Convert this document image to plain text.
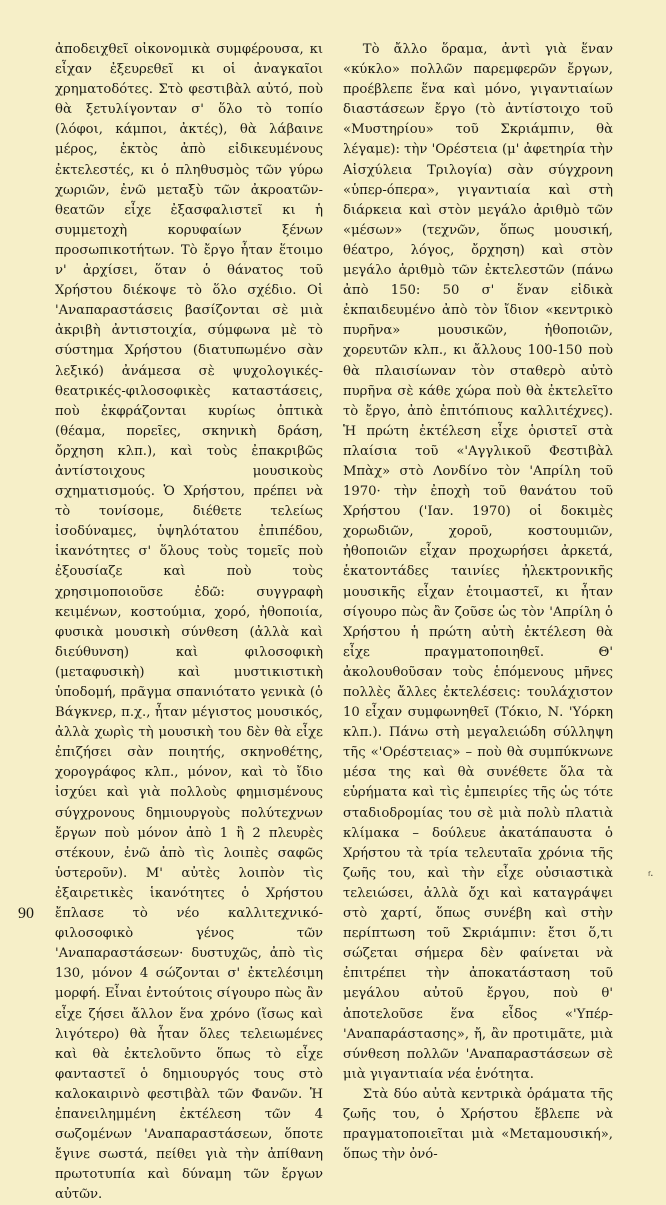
ἀποδειχθεῖ οἰκονομικὰ συμφέρουσα, κι εἶχαν ἐξευρεθεῖ κι οἱ ἀναγκαῖοι χρηματοδότες. Στὸ φεστιβὰλ αὐτό, ποὺ θὰ ξετυλίγονταν σ' ὅλο τὸ τοπίο (λόφοι, κάμποι, ἀκτές), θὰ λάβαινε μέρος, ἐκτὸς ἀπὸ εἰδικευμένους ἐκτελεστές, κι ὁ πληθυσμὸς τῶν γύρω χωριῶν, ἐνῶ μεταξὺ τῶν ἀκροατῶν-θεατῶν εἶχε ἐξασφαλιστεῖ κι ἡ συμμετοχὴ κορυφαίων ξένων προσωπικοτήτων. Τὸ ἔργο ἦταν ἕτοιμο ν' ἀρχίσει, ὅταν ὁ θάνατος τοῦ Χρήστου διέκοψε τὸ ὅλο σχέδιο. Οἱ 'Αναπαραστάσεις βασίζονται σὲ μιὰ ἀκριβὴ ἀντιστοιχία, σύμφωνα μὲ τὸ σύστημα Χρήστου (διατυπωμένο σὰν λεξικό) ἀνάμεσα σὲ ψυχολογικές-θεατρικές-φιλοσοφικὲς καταστάσεις, ποὺ ἐκφράζονται κυρίως ὀπτικὰ (θέαμα, πορεῖες, σκηνικὴ δράση, ὄρχηση κλπ.), καὶ τοὺς ἐπακριβῶς ἀντίστοιχους μουσικοὺς σχηματισμούς. Ὁ Χρήστου, πρέπει νὰ τὸ τονίσομε, διέθετε τελείως ἰσοδύναμες, ὑψηλότατου ἐπιπέδου, ἱκανότητες σ' ὅλους τοὺς τομεῖς ποὺ ἐξουσίαζε καὶ ποὺ τοὺς χρησιμοποιοῦσε ἐδῶ: συγγραφὴ κειμένων, κοστούμια, χορό, ἠθοποιία, φυσικὰ μουσικὴ σύνθεση (ἀλλὰ καὶ διεύθυνση) καὶ φιλοσοφικὴ (μεταφυσικὴ) καὶ μυστικιστικὴ ὑποδομή, πρᾶγμα σπανιότατο γενικὰ (ὁ Βάγκνερ, π.χ., ἦταν μέγιστος μουσικός, ἀλλὰ χωρὶς τὴ μουσικὴ του δὲν θὰ εἶχε ἐπιζήσει σὰν ποιητής, σκηνοθέτης, χορογράφος κλπ., μόνον, καὶ τὸ ἴδιο ἰσχύει καὶ γιὰ πολλοὺς φημισμένους σύγχρονους δημιουργοὺς πολύτεχνων ἔργων ποὺ μόνον ἀπὸ 1 ἢ 2 πλευρὲς στέκουν, ἐνῶ ἀπὸ τὶς λοιπὲς σαφῶς ὑστεροῦν). Μ' αὐτὲς λοιπὸν τὶς ἐξαιρετικὲς ἱκανότητες ὁ Χρήστου ἔπλασε τὸ νέο καλλιτεχνικό-φιλοσοφικὸ γένος τῶν 'Αναπαραστάσεων· δυστυχῶς, ἀπὸ τὶς 130, μόνον 4 σώζονται σ' ἐκτελέσιμη μορφή. Εἶναι ἐντούτοις σίγουρο πὼς ἂν εἶχε ζήσει ἄλλον ἕνα χρόνο (ἴσως καὶ λιγότερο) θὰ ἦταν ὅλες τελειωμένες καὶ θὰ ἐκτελοῦντο ὅπως τὸ εἶχε φανταστεῖ ὁ δημιουργός τους στὸ καλοκαιρινὸ φεστιβὰλ τῶν Φανῶν. Ἡ ἐπανειλημμένη ἐκτέλεση τῶν 4 σωζομένων 'Αναπαραστάσεων, ὅποτε ἔγινε σωστά, πείθει γιὰ τὴν ἀπίθανη πρωτοτυπία καὶ δύναμη τῶν ἔργων αὐτῶν.

Τὸ ἄλλο ὅραμα, ἀντὶ γιὰ ἕναν «κύκλο» πολλῶν παρεμφερῶν ἔργων, προέβλεπε ἕνα καὶ μόνο, γιγαντιαίων διαστάσεων ἔργο (τὸ ἀντίστοιχο τοῦ «Μυστηρίου» τοῦ Σκριάμπιν, θὰ λέγαμε): τὴν 'Ορέστεια (μ' ἀφετηρία τὴν Αἰσχύλεια Τριλογία) σὰν σύγχρονη «ὑπερ-όπερα», γιγαντιαία καὶ στὴ διάρκεια καὶ στὸν μεγάλο ἀριθμὸ τῶν «μέσων» (τεχνῶν, ὅπως μουσική, θέατρο, λόγος, ὄρχηση) καὶ στὸν μεγάλο ἀριθμὸ τῶν ἐκτελεστῶν (πάνω ἀπὸ 150: 50 σ' ἕναν εἰδικὰ ἐκπαιδευμένο ἀπὸ τὸν ἴδιον «κεντρικὸ πυρῆνα» μουσικῶν, ἠθοποιῶν, χορευτῶν κλπ., κι ἄλλους 100-150 ποὺ θὰ πλαισίωναν τὸν σταθερὸ αὐτὸ πυρῆνα σὲ κάθε χώρα ποὺ θὰ ἐκτελεῖτο τὸ ἔργο, ἀπὸ ἐπιτόπιους καλλιτέχνες). Ἡ πρώτη ἐκτέλεση εἶχε ὁριστεῖ στὰ πλαίσια τοῦ «'Αγγλικοῦ Φεστιβὰλ Μπὰχ» στὸ Λονδίνο τὸν 'Απρίλη τοῦ 1970· τὴν ἐποχὴ τοῦ θανάτου τοῦ Χρήστου ('Ιαν. 1970) οἱ δοκιμὲς χορωδιῶν, χοροῦ, κοστουμιῶν, ἠθοποιῶν εἶχαν προχωρήσει ἀρκετά, ἑκατοντάδες ταινίες ἠλεκτρονικῆς μουσικῆς εἶχαν ἑτοιμαστεῖ, κι ἦταν σίγουρο πὼς ἂν ζοῦσε ὡς τὸν 'Απρίλη ὁ Χρήστου ἡ πρώτη αὐτὴ ἐκτέλεση θὰ εἶχε πραγματοποιηθεῖ. Θ' ἀκολουθοῦσαν τοὺς ἑπόμενους μῆνες πολλὲς ἄλλες ἐκτελέσεις: τουλάχιστον 10 εἶχαν συμφωνηθεῖ (Τόκιο, Ν. 'Υόρκη κλπ.). Πάνω στὴ μεγαλειώδη σύλληψη τῆς «'Ορέστειας» – ποὺ θὰ συμπύκνωνε μέσα της καὶ θὰ συνέθετε ὅλα τὰ εὑρήματα καὶ τὶς ἐμπειρίες τῆς ὡς τότε σταδιοδρομίας του σὲ μιὰ πολὺ πλατιὰ κλίμακα – δούλευε ἀκατάπαυστα ὁ Χρήστου τὰ τρία τελευταῖα χρόνια τῆς ζωῆς του, καὶ τὴν εἶχε οὐσιαστικὰ τελειώσει, ἀλλὰ ὄχι καὶ καταγράψει στὸ χαρτί, ὅπως συνέβη καὶ στὴν περίπτωση τοῦ Σκριάμπιν: ἔτσι ὅ,τι σώζεται σήμερα δὲν φαίνεται νὰ ἐπιτρέπει τὴν ἀποκατάσταση τοῦ μεγάλου αὐτοῦ ἔργου, ποὺ θ' ἀποτελοῦσε ἕνα εἶδος «'Υπέρ-'Αναπαράστασης», ἤ, ἂν προτιμᾶτε, μιὰ σύνθεση πολλῶν 'Αναπαραστάσεων σὲ μιὰ γιγαντιαία νέα ἑνότητα.

Στὰ δύο αὐτὰ κεντρικὰ ὁράματα τῆς ζωῆς του, ὁ Χρήστου ἔβλεπε νὰ πραγματοποιεῖται μιὰ «Μεταμουσική», ὅπως τὴν ὀνό-

90
ᶠ·
